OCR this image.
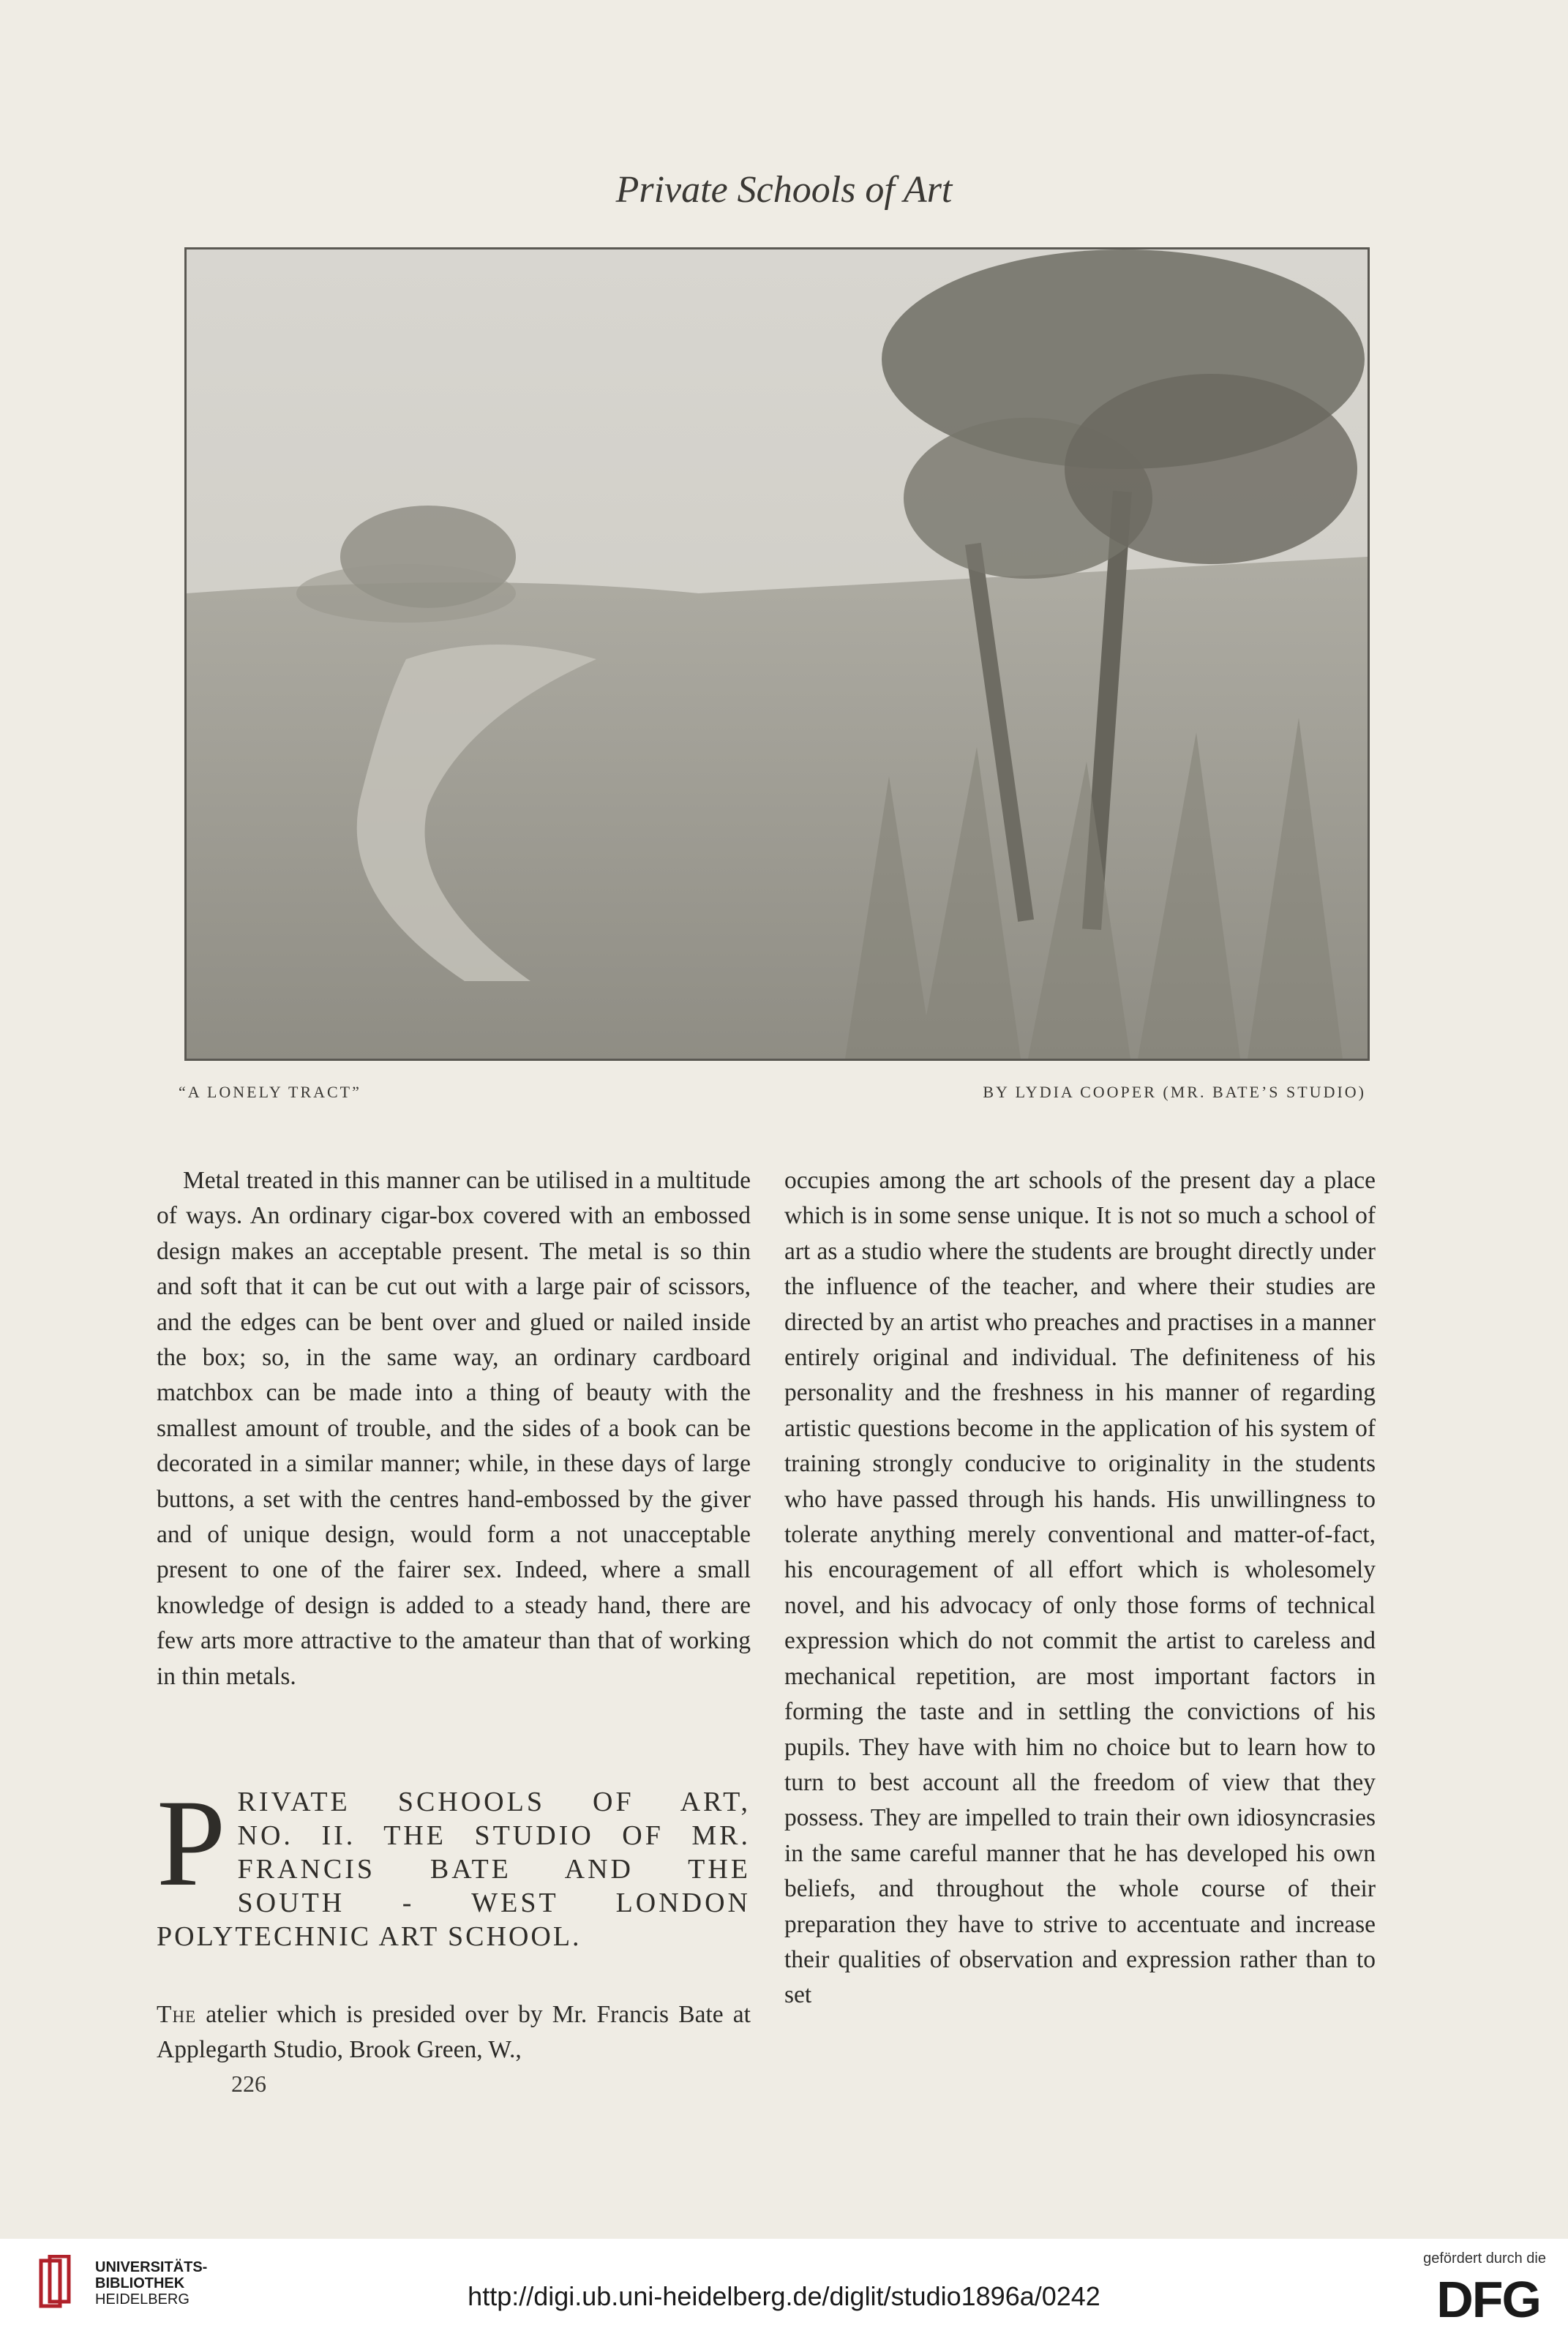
Private Schools of Art
“A LONELY TRACT”	BY LYDIA COOPER (MR. BATE’S STUDIO)

Metal treated in this manner can be utilised in a multitude of ways. An ordinary cigar-box covered with an embossed design makes an acceptable present. The metal is so thin and soft that it can be cut out with a large pair of scissors, and the edges can be bent over and glued or nailed inside the box; so, in the same way, an ordinary cardboard matchbox can be made into a thing of beauty with the smallest amount of trouble, and the sides of a book can be decorated in a similar manner; while, in these days of large buttons, a set with the centres hand-embossed by the giver and of unique design, would form a not unacceptable present to one of the fairer sex. Indeed, where a small knowledge of design is added to a steady hand, there are few arts more attractive to the amateur than that of working in thin metals.

P RIVATE SCHOOLS OF ART,
NO. II. THE STUDIO OF MR.
FRANCIS BATE AND THE
SOUTH - WEST LONDON
POLYTECHNIC ART SCHOOL.
The atelier which is presided over by Mr. Francis Bate at Applegarth Studio, Brook Green, W.,
226

occupies among the art schools of the present day a place which is in some sense unique. It is not so much a school of art as a studio where the students are brought directly under the influence of the teacher, and where their studies are directed by an artist who preaches and practises in a manner entirely original and individual. The definiteness of his personality and the freshness in his manner of regarding artistic questions become in the application of his system of training strongly conducive to originality in the students who have passed through his hands. His unwillingness to tolerate anything merely conventional and matter-of-fact, his encouragement of all effort which is wholesomely novel, and his advocacy of only those forms of technical expression which do not commit the artist to careless and mechanical repetition, are most important factors in forming the taste and in settling the convictions of his pupils. They have with him no choice but to learn how to turn to best account all the freedom of view that they possess. They are impelled to train their own idiosyncrasies in the same careful manner that he has developed his own beliefs, and throughout the whole course of their preparation they have to strive to accentuate and increase their qualities of observation and expression rather than to set

UNIVERSITÄTS-
BIBLIOTHEK
HEIDELBERG	http://digi.ub.uni-heidelberg.de/diglit/studio1896a/0242
gefördert durch die
DFG
